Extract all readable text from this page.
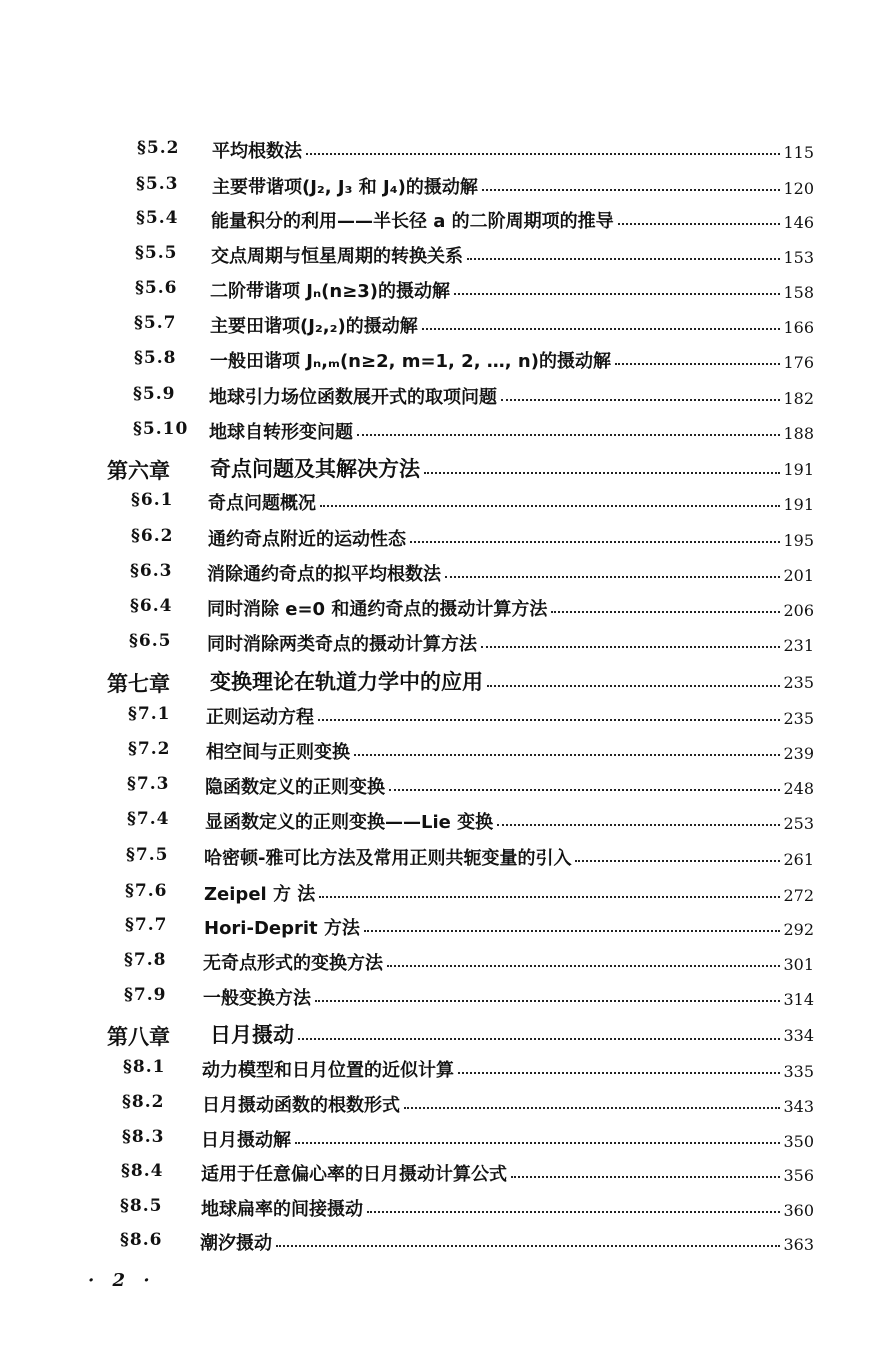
§5.2 平均根数法	115
§5.3 主要带谐项(J₂, J₃ 和 J₄)的摄动解	120
§5.4 能量积分的利用——半长径 a 的二阶周期项的推导	146
§5.5 交点周期与恒星周期的转换关系	153
§5.6 二阶带谐项 Jₙ(n≥3)的摄动解	158
§5.7 主要田谐项(J₂,₂)的摄动解	166
§5.8 一般田谐项 Jₙ,ₘ(n≥2, m=1, 2, …, n)的摄动解	176
§5.9 地球引力场位函数展开式的取项问题	182
§5.10 地球自转形变问题	188
第六章 奇点问题及其解决方法	191
§6.1 奇点问题概况	191
§6.2 通约奇点附近的运动性态	195
§6.3 消除通约奇点的拟平均根数法	201
§6.4 同时消除 e=0 和通约奇点的摄动计算方法	206
§6.5 同时消除两类奇点的摄动计算方法	231
第七章 变换理论在轨道力学中的应用	235
§7.1 正则运动方程	235
§7.2 相空间与正则变换	239
§7.3 隐函数定义的正则变换	248
§7.4 显函数定义的正则变换——Lie 变换	253
§7.5 哈密顿-雅可比方法及常用正则共轭变量的引入	261
§7.6 Zeipel 方 法	272
§7.7 Hori-Deprit 方法	292
§7.8 无奇点形式的变换方法	301
§7.9 一般变换方法	314
第八章 日月摄动	334
§8.1 动力模型和日月位置的近似计算	335
§8.2 日月摄动函数的根数形式	343
§8.3 日月摄动解	350
§8.4 适用于任意偏心率的日月摄动计算公式	356
§8.5 地球扁率的间接摄动	360
§8.6 潮汐摄动	363
· 2 ·
